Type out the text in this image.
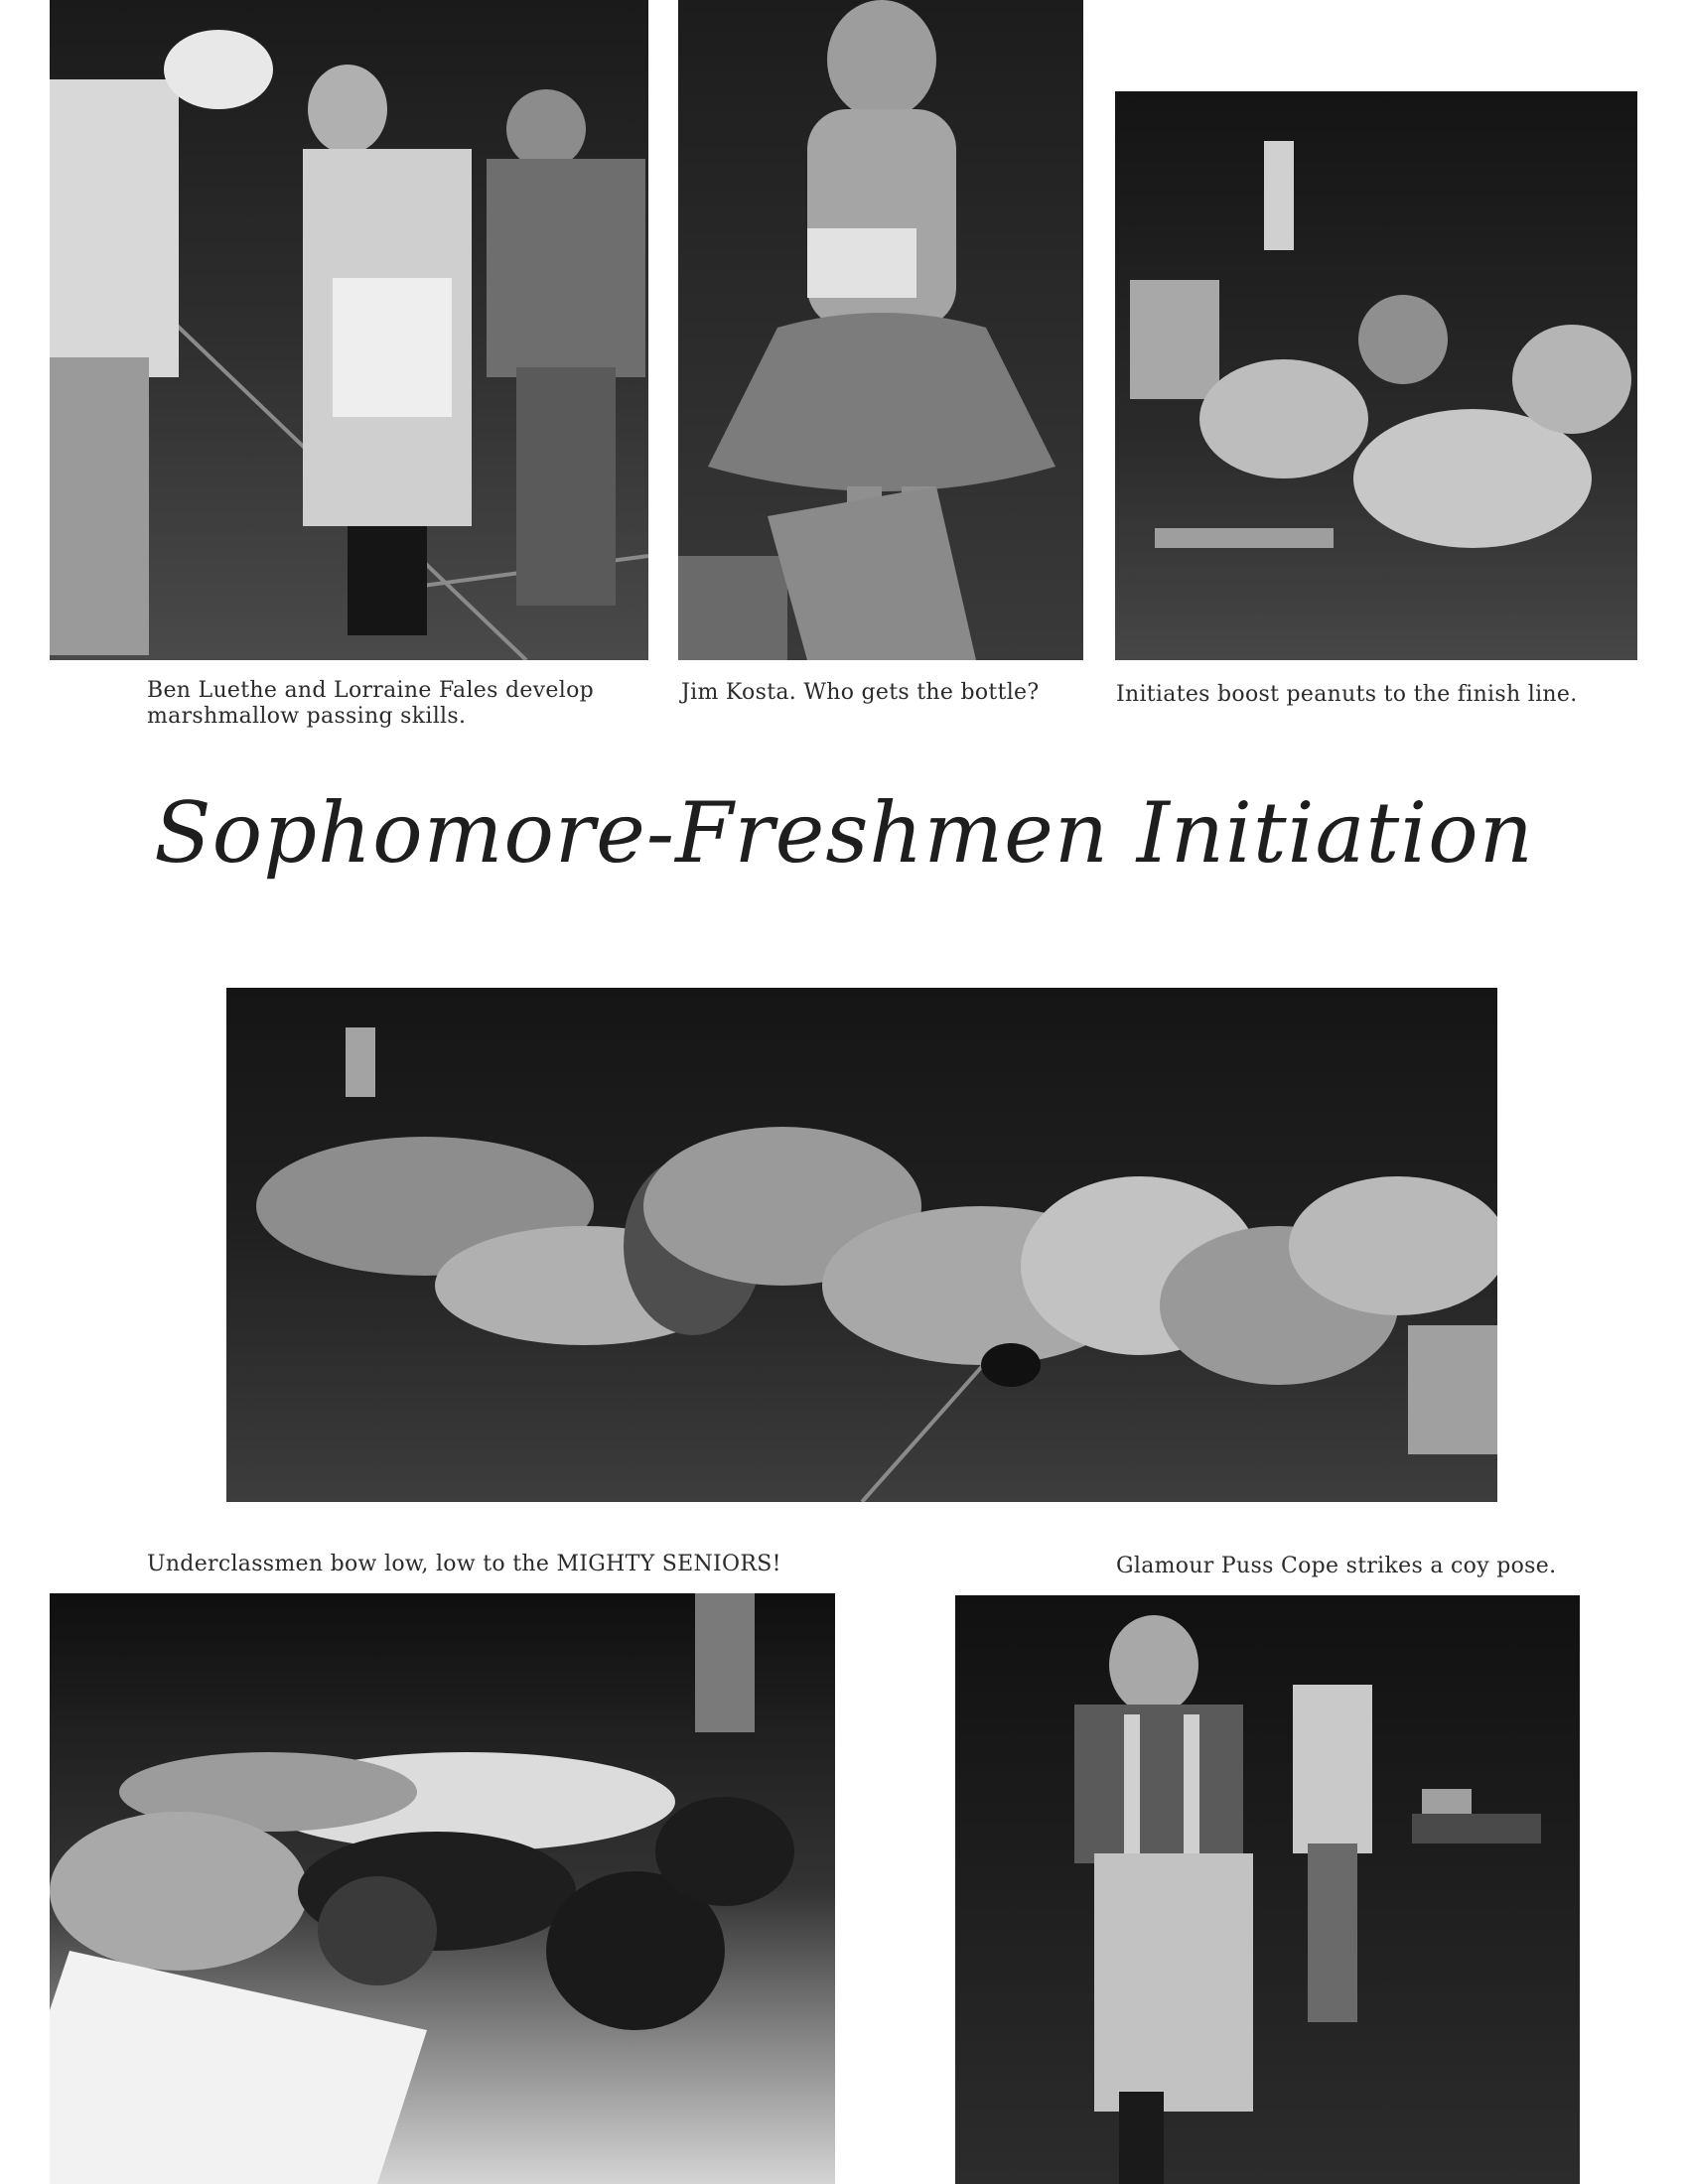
Ben Luethe and Lorraine Fales develop
marshmallow passing skills.
Jim Kosta. Who gets the bottle?	Initiates boost peanuts to the finish line.
Sophomore-Freshmen Initiation
Underclassmen bow low, low to the MIGHTY SENIORS!	Glamour Puss Cope strikes a coy pose.
